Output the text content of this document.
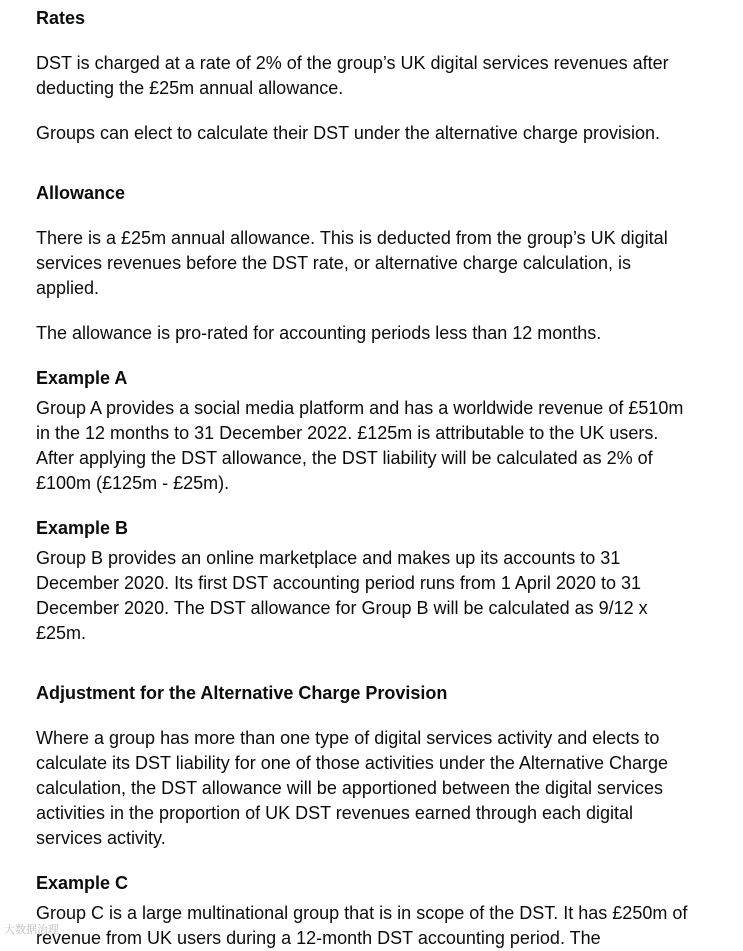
Rates

DST is charged at a rate of 2% of the group’s UK digital services revenues after deducting the £25m annual allowance.

Groups can elect to calculate their DST under the alternative charge provision.

Allowance

There is a £25m annual allowance. This is deducted from the group’s UK digital services revenues before the DST rate, or alternative charge calculation, is applied.

The allowance is pro-rated for accounting periods less than 12 months.

Example A

Group A provides a social media platform and has a worldwide revenue of £510m in the 12 months to 31 December 2022. £125m is attributable to the UK users. After applying the DST allowance, the DST liability will be calculated as 2% of £100m (£125m - £25m).

Example B

Group B provides an online marketplace and makes up its accounts to 31 December 2020. Its first DST accounting period runs from 1 April 2020 to 31 December 2020. The DST allowance for Group B will be calculated as 9/12 x £25m.

Adjustment for the Alternative Charge Provision

Where a group has more than one type of digital services activity and elects to calculate its DST liability for one of those activities under the Alternative Charge calculation, the DST allowance will be apportioned between the digital services activities in the proportion of UK DST revenues earned through each digital services activity.

Example C

Group C is a large multinational group that is in scope of the DST. It has £250m of revenue from UK users during a 12-month DST accounting period. The

大数据治理
